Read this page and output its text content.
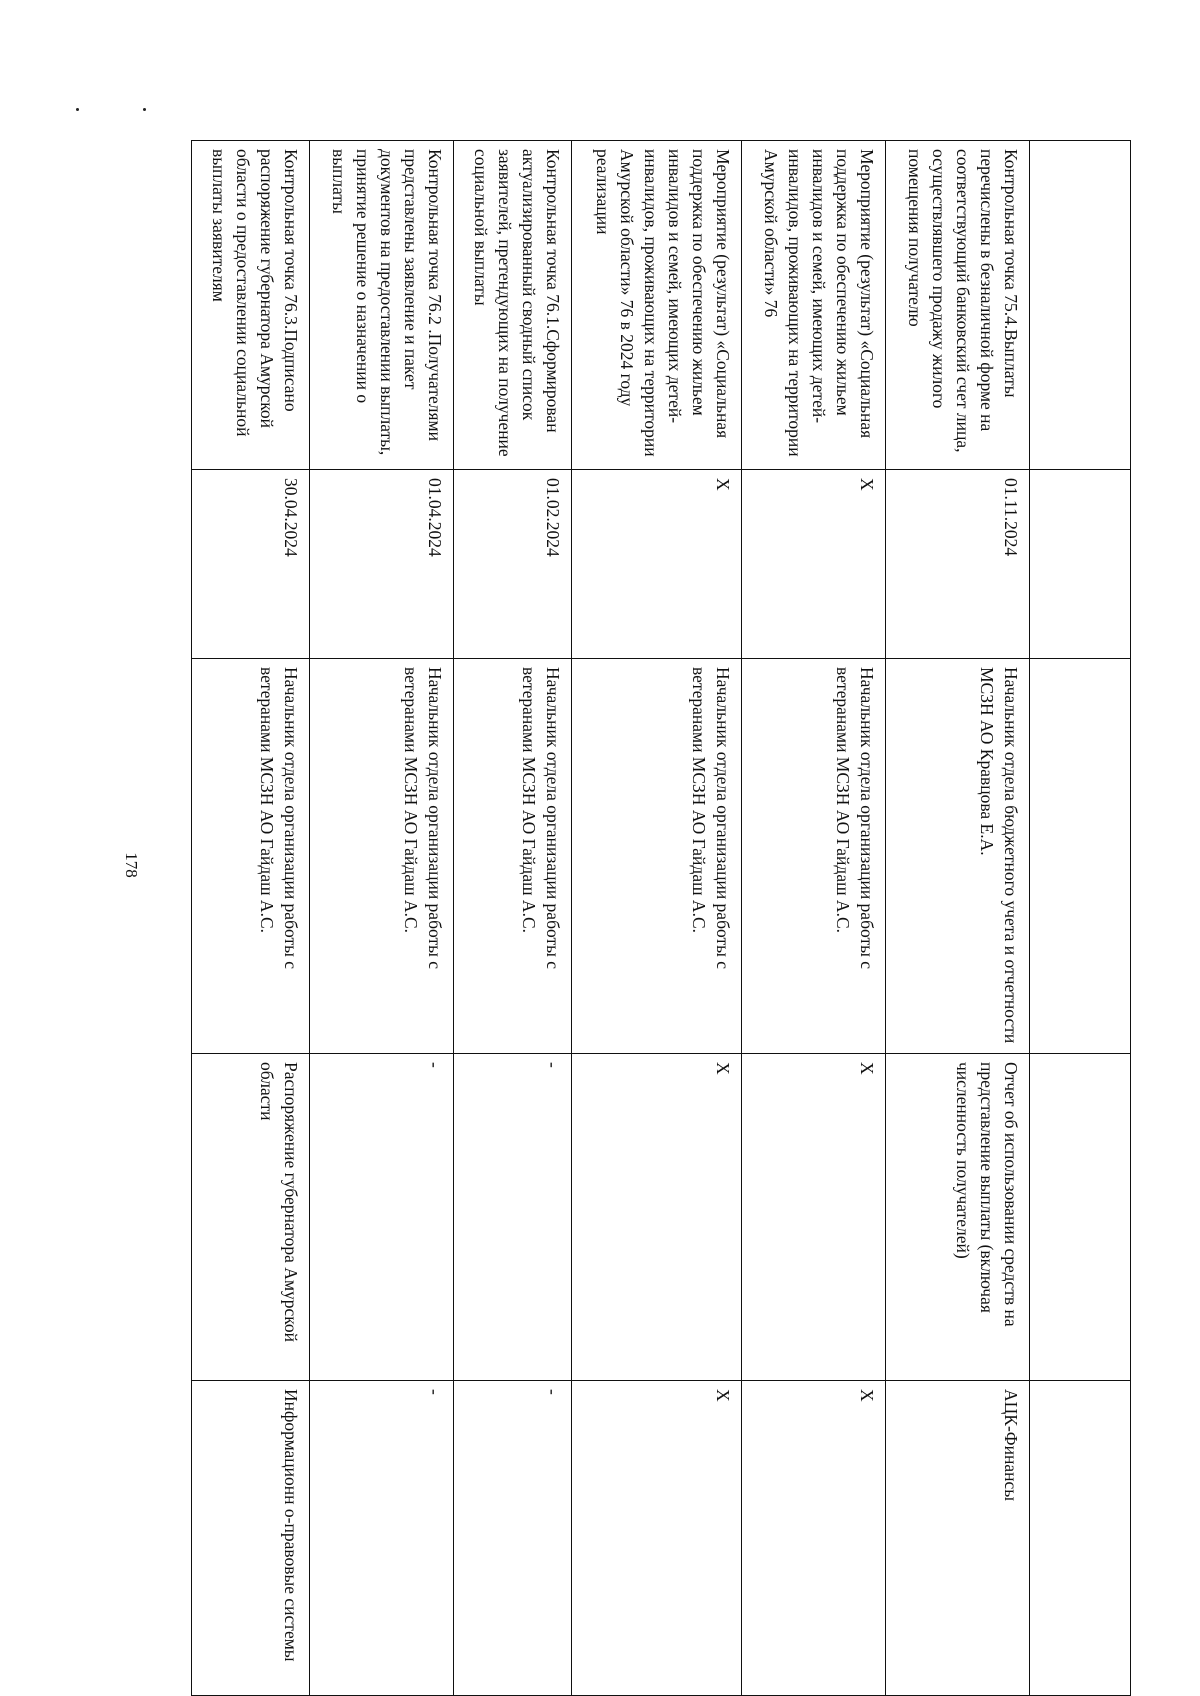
178

Контрольная точка 75.4.Выплаты перечислены в безналичной форме на соответствующий банковский счет лица, осуществлявшего продажу жилого помещения получателю	01.11.2024	Начальник отдела бюджетного учета и отчетности МСЗН АО Кравцова Е.А.	Отчет об использовании средств на представление выплаты (включая численность получателей)	АЦК-Финансы
Мероприятие (результат) «Социальная поддержка по обеспечению жильем инвалидов и семей, имеющих детей-инвалидов, проживающих на территории Амурской области» 76	Х	Начальник отдела организации работы с ветеранами МСЗН АО Гайдаш А.С.	Х	Х
Мероприятие (результат) «Социальная поддержка по обеспечению жильем инвалидов и семей, имеющих детей-инвалидов, проживающих на территории Амурской области» 76 в 2024 году реализации	Х	Начальник отдела организации работы с ветеранами МСЗН АО Гайдаш А.С.	Х	Х
Контрольная точка 76.1.Сформирован актуализированный сводный список заявителей, претендующих на получение социальной выплаты	01.02.2024	Начальник отдела организации работы с ветеранами МСЗН АО Гайдаш А.С.	-	-
Контрольная точка 76.2 .Получателями представлены заявление и пакет документов на предоставлении выплаты, принятие решение о назначении о выплаты	01.04.2024	Начальник отдела организации работы с ветеранами МСЗН АО Гайдаш А.С.	-	-
Контрольная точка 76.3.Подписано распоряжение губернатора Амурской области о предоставлении социальной выплаты заявителям	30.04.2024	Начальник отдела организации работы с ветеранами МСЗН АО Гайдаш А.С.	Распоряжение губернатора Амурской области	Информационн о-правовые системы
